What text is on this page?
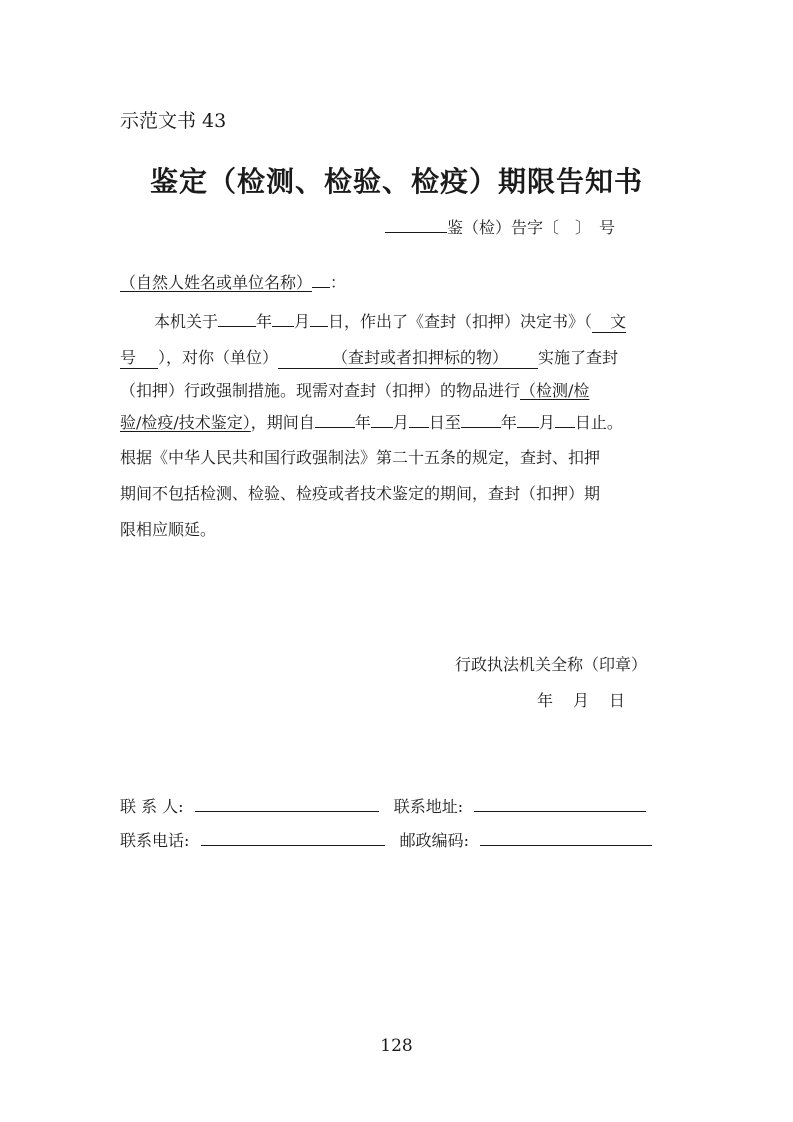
示范文书 43
鉴定（检测、检验、检疫）期限告知书
鉴（检）告字〔　〕　号
（自然人姓名或单位名称） ：
本机关于 年 月 日，作出了《查封（扣押）决定书》（ 文
号 ），对你（单位）	（查封或者扣押标的物） 实施了查封
（扣押）行政强制措施。现需对查封（扣押）的物品进行（检测/检
验/检疫/技术鉴定），期间自	年 月 日至	年 月 日止。
根据《中华人民共和国行政强制法》第二十五条的规定，查封、扣押
期间不包括检测、检验、检疫或者技术鉴定的期间，查封（扣押）期
限相应顺延。
行政执法机关全称（印章）
年 月 日
联 系 人:	联系地址:
联系电话:	邮政编码:
128
